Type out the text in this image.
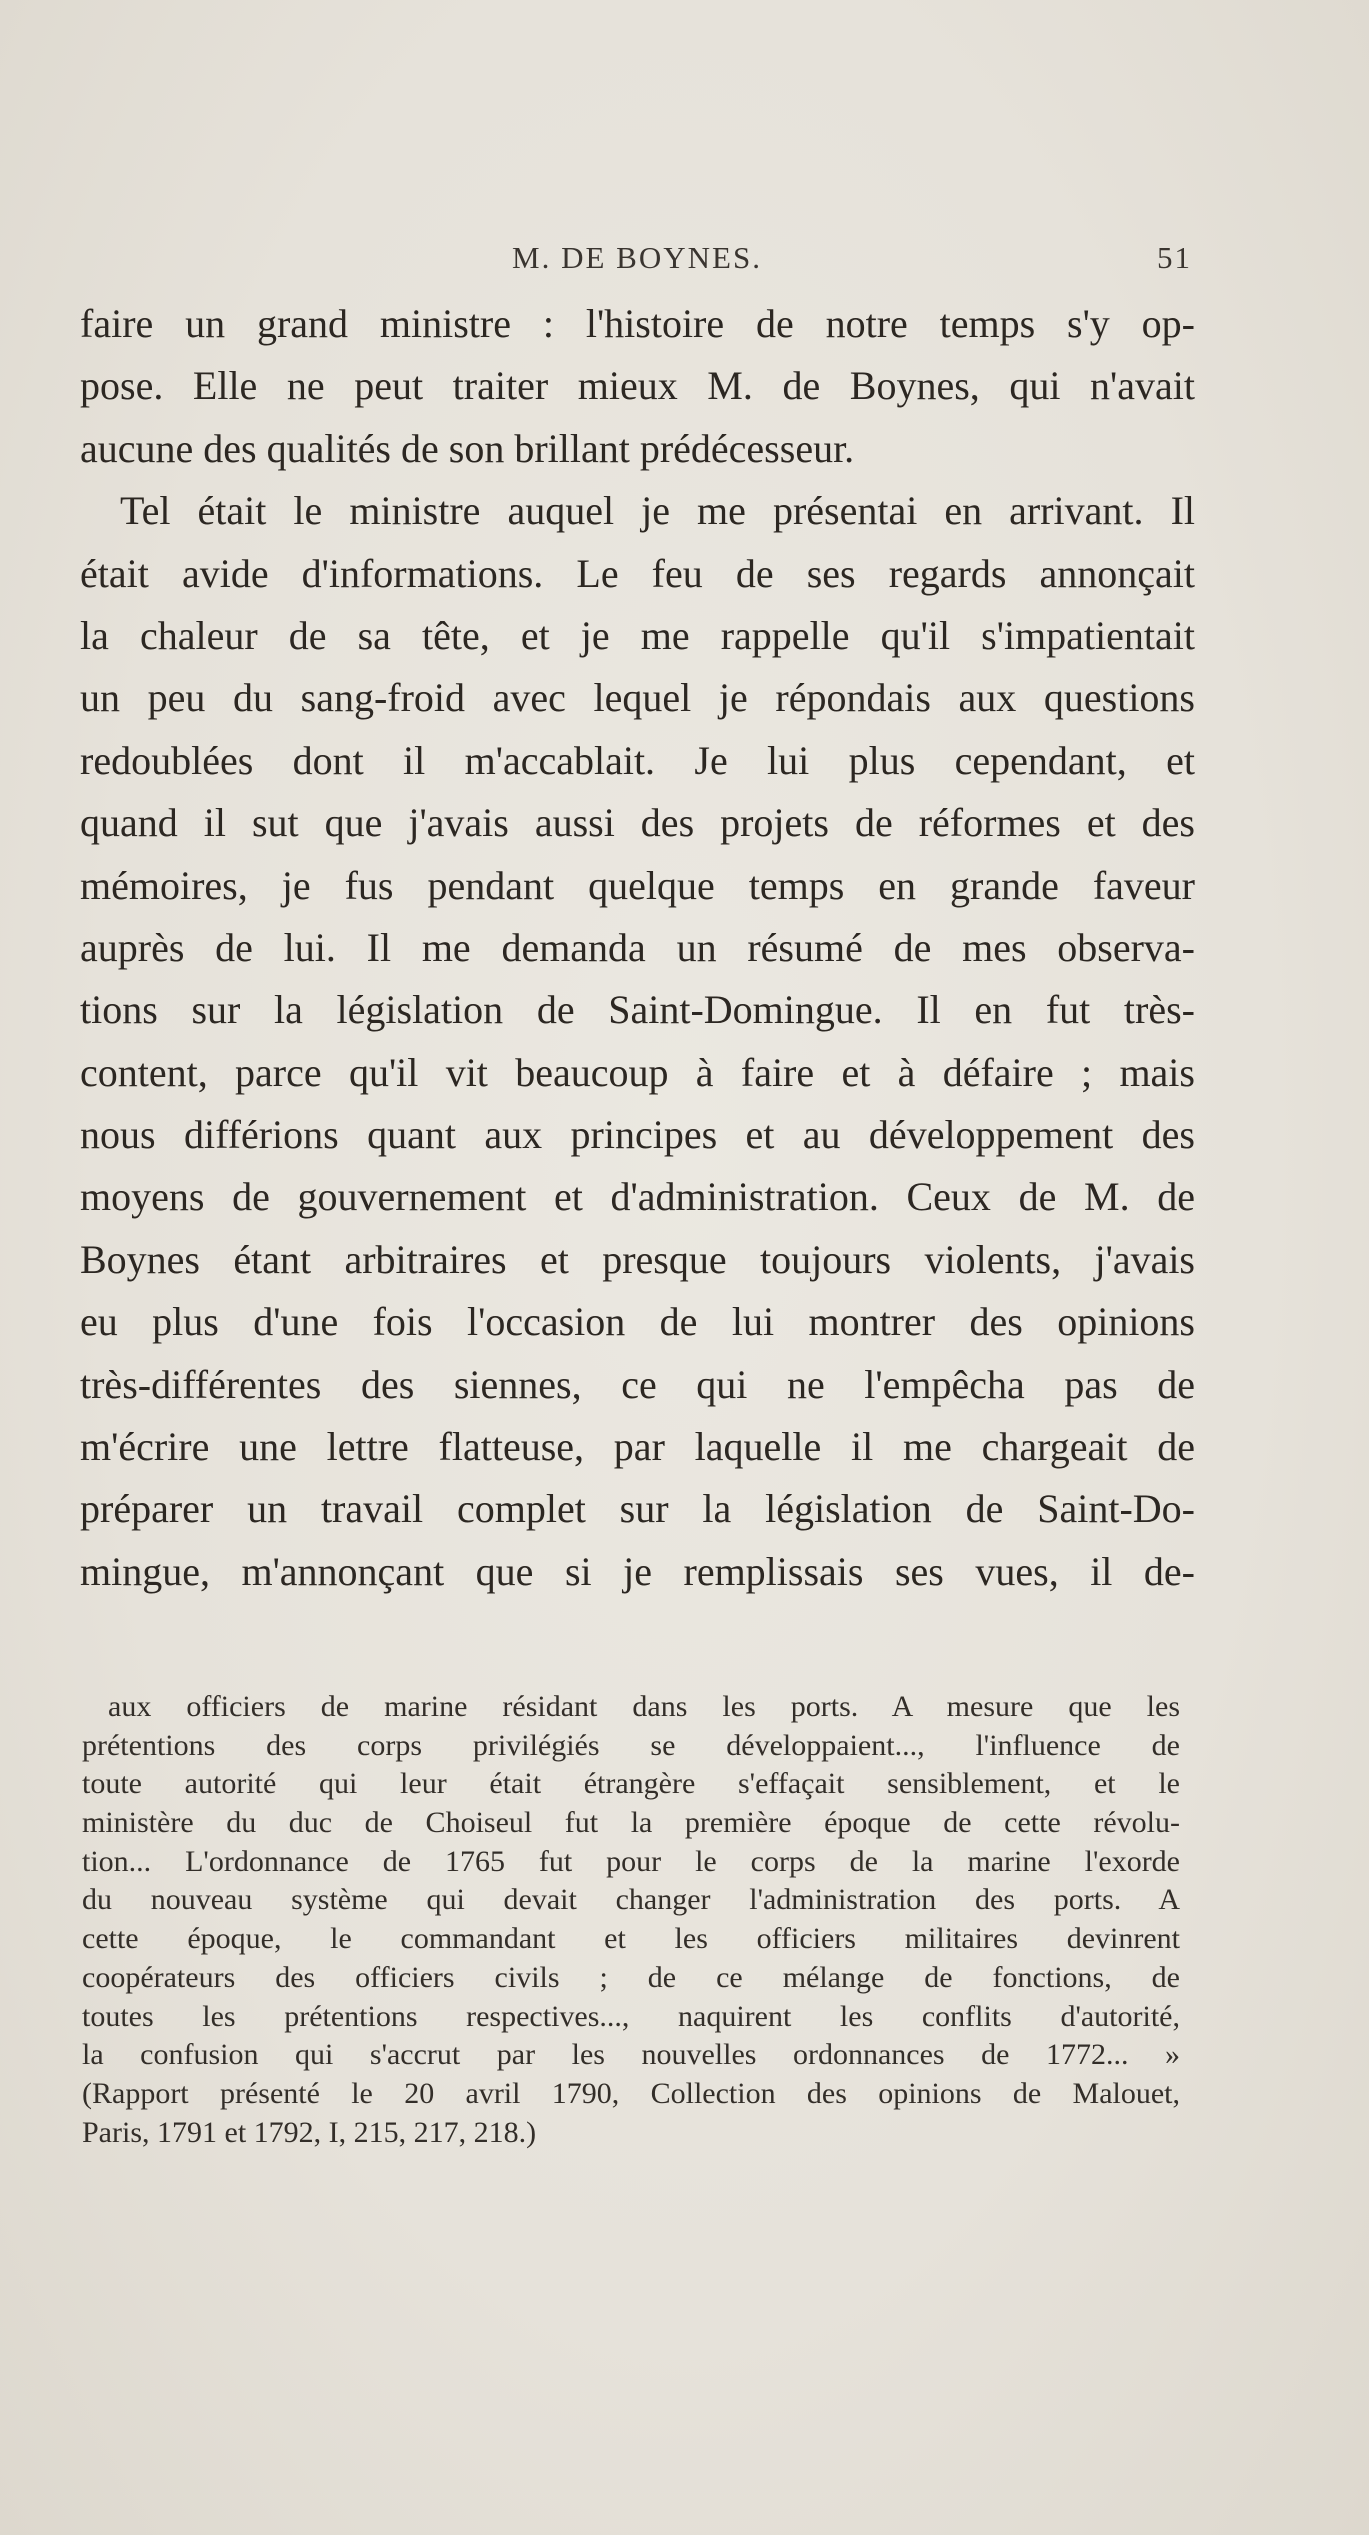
M. DE BOYNES.	51
faire un grand ministre : l'histoire de notre temps s'y op-
pose. Elle ne peut traiter mieux M. de Boynes, qui n'avait
aucune des qualités de son brillant prédécesseur.
Tel était le ministre auquel je me présentai en arrivant. Il
était avide d'informations. Le feu de ses regards annonçait
la chaleur de sa tête, et je me rappelle qu'il s'impatientait
un peu du sang-froid avec lequel je répondais aux questions
redoublées dont il m'accablait. Je lui plus cependant, et
quand il sut que j'avais aussi des projets de réformes et des
mémoires, je fus pendant quelque temps en grande faveur
auprès de lui. Il me demanda un résumé de mes observa-
tions sur la législation de Saint-Domingue. Il en fut très-
content, parce qu'il vit beaucoup à faire et à défaire ; mais
nous différions quant aux principes et au développement des
moyens de gouvernement et d'administration. Ceux de M. de
Boynes étant arbitraires et presque toujours violents, j'avais
eu plus d'une fois l'occasion de lui montrer des opinions
très-différentes des siennes, ce qui ne l'empêcha pas de
m'écrire une lettre flatteuse, par laquelle il me chargeait de
préparer un travail complet sur la législation de Saint-Do-
mingue, m'annonçant que si je remplissais ses vues, il de-
aux officiers de marine résidant dans les ports. A mesure que les
prétentions des corps privilégiés se développaient..., l'influence de
toute autorité qui leur était étrangère s'effaçait sensiblement, et le
ministère du duc de Choiseul fut la première époque de cette révolu-
tion... L'ordonnance de 1765 fut pour le corps de la marine l'exorde
du nouveau système qui devait changer l'administration des ports. A
cette époque, le commandant et les officiers militaires devinrent
coopérateurs des officiers civils ; de ce mélange de fonctions, de
toutes les prétentions respectives..., naquirent les conflits d'autorité,
la confusion qui s'accrut par les nouvelles ordonnances de 1772... »
(Rapport présenté le 20 avril 1790, Collection des opinions de Malouet,
Paris, 1791 et 1792, I, 215, 217, 218.)
